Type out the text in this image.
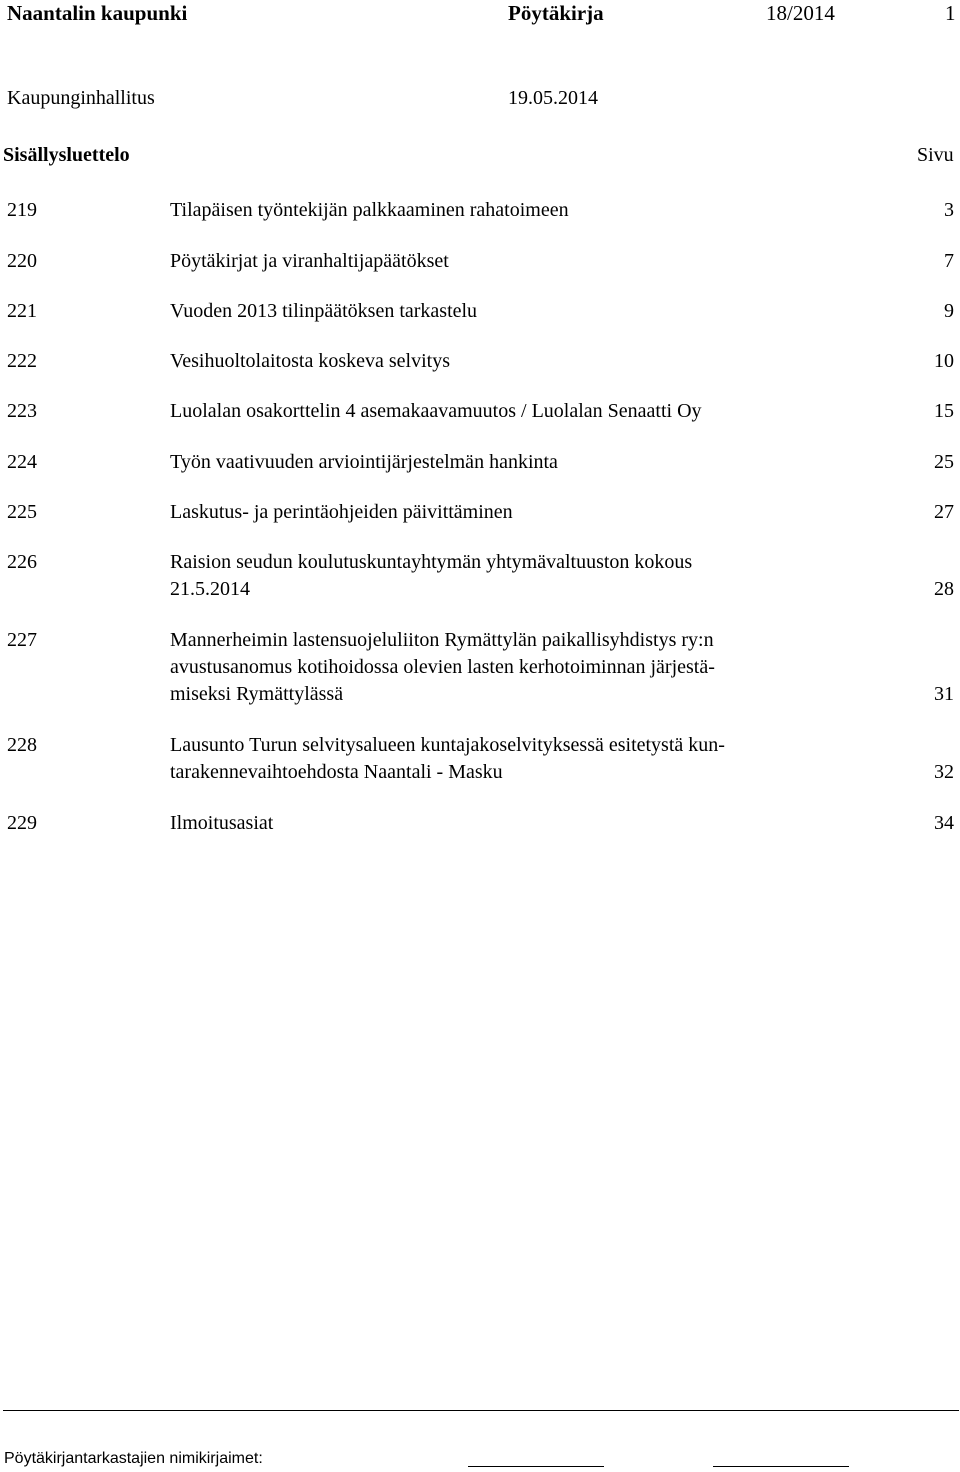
Naantalin kaupunki	Pöytäkirja	18/2014	1
Kaupunginhallitus	19.05.2014
Sisällysluettelo	Sivu
219	Tilapäisen työntekijän palkkaaminen rahatoimeen	3
220	Pöytäkirjat ja viranhaltijapäätökset	7
221	Vuoden 2013 tilinpäätöksen tarkastelu	9
222	Vesihuoltolaitosta koskeva selvitys	10
223	Luolalan osakorttelin 4 asemakaavamuutos / Luolalan Senaatti Oy	15
224	Työn vaativuuden arviointijärjestelmän hankinta	25
225	Laskutus- ja perintäohjeiden päivittäminen	27
226	Raision seudun koulutuskuntayhtymän yhtymävaltuuston kokous
21.5.2014	28
227	Mannerheimin lastensuojeluliiton Rymättylän paikallisyhdistys ry:n
avustusanomus kotihoidossa olevien lasten kerhotoiminnan järjestä-
miseksi Rymättylässä	31
228	Lausunto Turun selvitysalueen kuntajakoselvityksessä esitetystä kun-
tarakennevaihtoehdosta Naantali - Masku	32
229	Ilmoitusasiat	34
Pöytäkirjantarkastajien nimikirjaimet:
